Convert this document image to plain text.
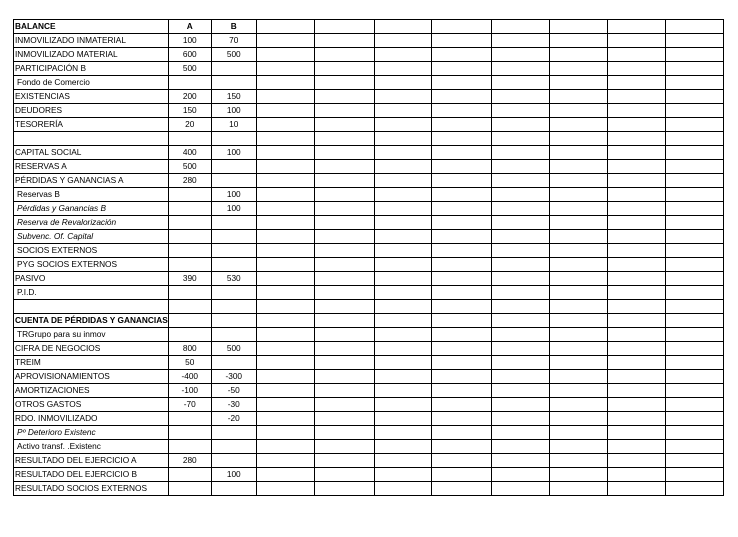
BALANCE	A	B								
INMOVILIZADO INMATERIAL	100	70								
INMOVILIZADO MATERIAL	600	500								
PARTICIPACIÓN B	500									
Fondo de Comercio										
EXISTENCIAS	200	150								
DEUDORES	150	100								
TESORERÍA	20	10								

CAPITAL SOCIAL	400	100								
RESERVAS A	500									
PÉRDIDAS Y GANANCIAS A	280									
Reservas B		100								
Pérdidas y Ganancias B		100								
Reserva de Revalorización										
Subvenc. Of. Capital										
SOCIOS EXTERNOS										
PYG SOCIOS EXTERNOS										
PASIVO	390	530								
P.I.D.										

CUENTA DE PÉRDIDAS Y GANANCIAS										
TRGrupo para su inmov										
CIFRA DE NEGOCIOS	800	500								
TREIM	50									
APROVISIONAMIENTOS	-400	-300								
AMORTIZACIONES	-100	-50								
OTROS GASTOS	-70	-30								
RDO. INMOVILIZADO		-20								
Pº Deterioro Existenc										
Activo transf. .Existenc										
RESULTADO DEL EJERCICIO A	280									
RESULTADO DEL EJERCICIO B		100								
RESULTADO SOCIOS EXTERNOS										
